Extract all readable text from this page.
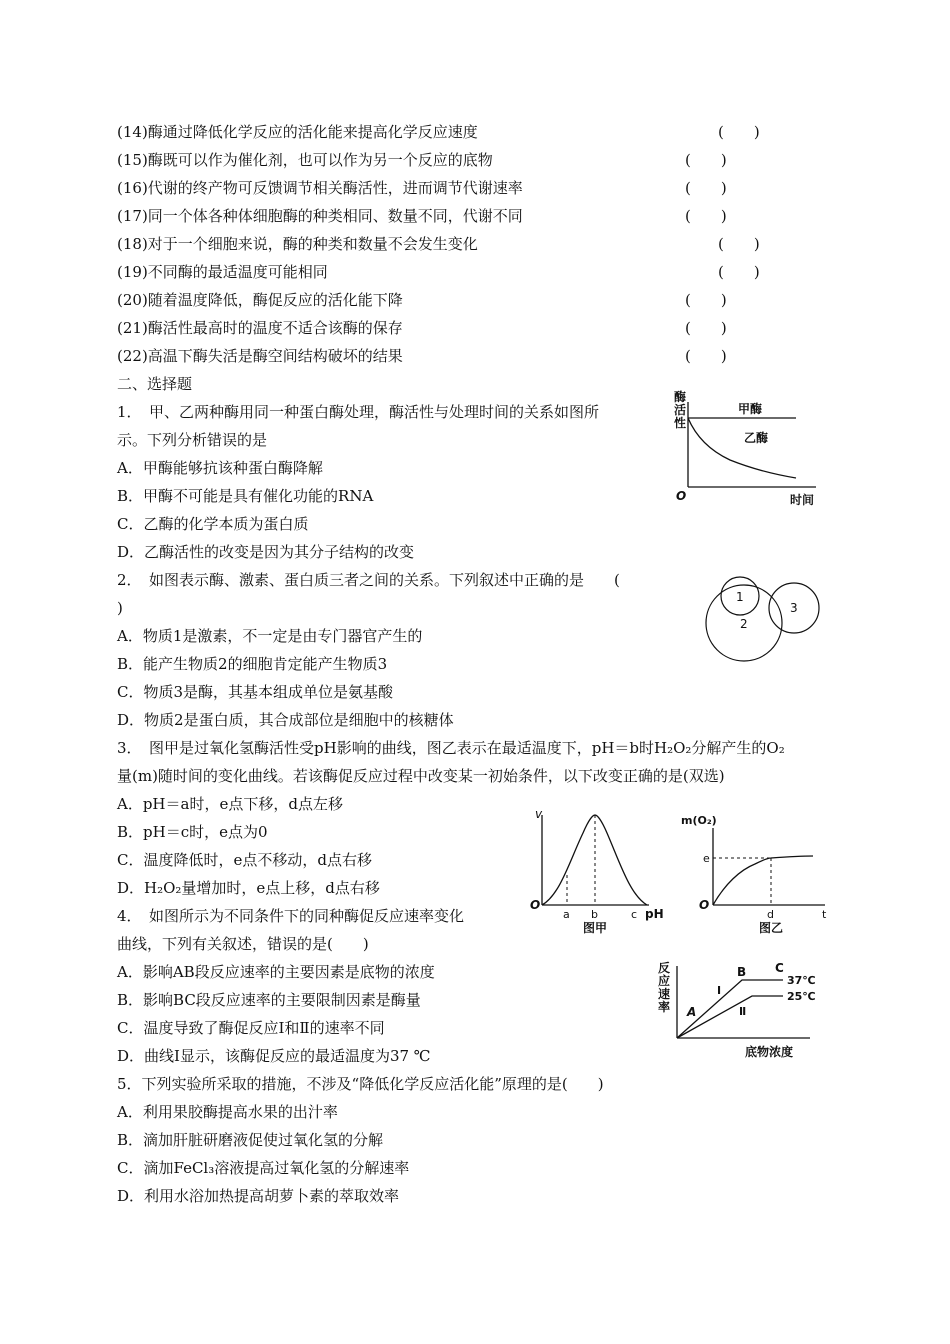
(14)酶通过降低化学反应的活化能来提高化学反应速度	(　　)
(15)酶既可以作为催化剂，也可以作为另一个反应的底物	(　　)
(16)代谢的终产物可反馈调节相关酶活性，进而调节代谢速率	(　　)
(17)同一个体各种体细胞酶的种类相同、数量不同，代谢不同	(　　)
(18)对于一个细胞来说，酶的种类和数量不会发生变化	(　　)
(19)不同酶的最适温度可能相同	(　　)
(20)随着温度降低，酶促反应的活化能下降	(　　)
(21)酶活性最高时的温度不适合该酶的保存	(　　)
(22)高温下酶失活是酶空间结构破坏的结果	(　　)
二、选择题
1．　甲、乙两种酶用同一种蛋白酶处理，酶活性与处理时间的关系如图所
示。下列分析错误的是
A．甲酶能够抗该种蛋白酶降解
B．甲酶不可能是具有催化功能的RNA
C．乙酶的化学本质为蛋白质
D．乙酶活性的改变是因为其分子结构的改变
酶
活
性
甲酶
乙酶
O	时间
2．　如图表示酶、激素、蛋白质三者之间的关系。下列叙述中正确的是　　(
)
A．物质1是激素，不一定是由专门器官产生的
B．能产生物质2的细胞肯定能产生物质3
C．物质3是酶，其基本组成单位是氨基酸
D．物质2是蛋白质，其合成部位是细胞中的核糖体
1
2
3
3．　图甲是过氧化氢酶活性受pH影响的曲线，图乙表示在最适温度下，pH＝b时H₂O₂分解产生的O₂
量(m)随时间的变化曲线。若该酶促反应过程中改变某一初始条件，以下改变正确的是(双选)
A．pH＝a时，e点下移，d点左移
B．pH＝c时，e点为0
C．温度降低时，e点不移动，d点右移
D．H₂O₂量增加时，e点上移，d点右移
v
O
a b	c pH
图甲
m(O₂)
e
O
d	t
图乙
4．　如图所示为不同条件下的同种酶促反应速率变化
曲线，下列有关叙述，错误的是(　　)
A．影响AB段反应速率的主要因素是底物的浓度
B．影响BC段反应速率的主要限制因素是酶量
C．温度导致了酶促反应Ⅰ和Ⅱ的速率不同
D．曲线Ⅰ显示，该酶促反应的最适温度为37 ℃
反
应
速
率 A
B C
Ⅰ
Ⅱ
37℃
25℃
底物浓度
5．下列实验所采取的措施，不涉及“降低化学反应活化能”原理的是(　　)
A．利用果胶酶提高水果的出汁率
B．滴加肝脏研磨液促使过氧化氢的分解
C．滴加FeCl₃溶液提高过氧化氢的分解速率
D．利用水浴加热提高胡萝卜素的萃取效率
